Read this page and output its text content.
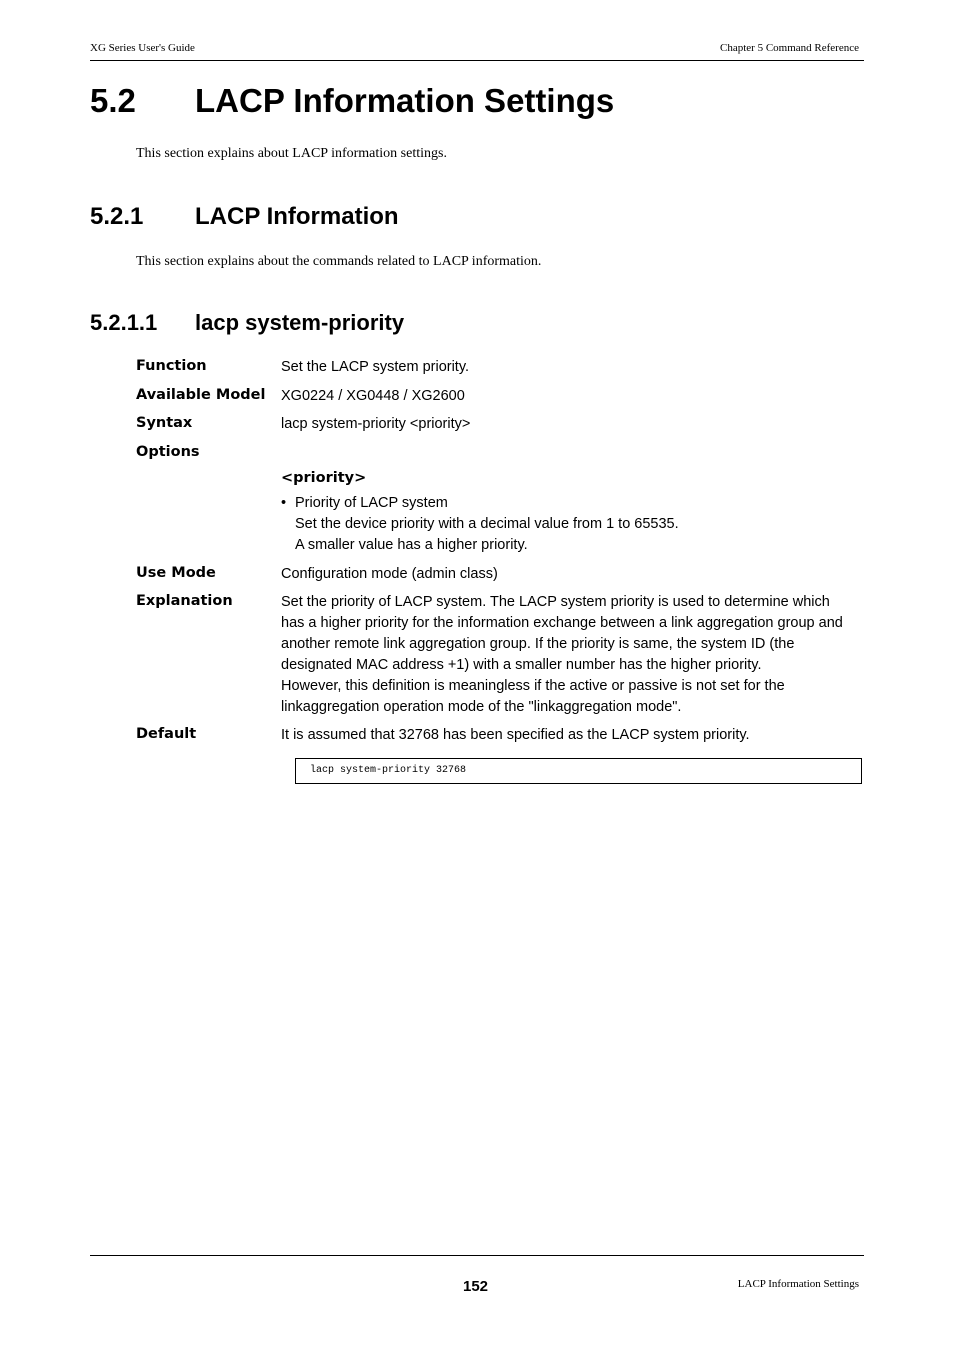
XG Series User's Guide	Chapter 5 Command Reference
5.2 LACP Information Settings
This section explains about LACP information settings.
5.2.1 LACP Information
This section explains about the commands related to LACP information.
5.2.1.1 lacp system-priority
Function	Set the LACP system priority.
Available Model XG0224 / XG0448 / XG2600
Syntax	lacp system-priority <priority>
Options
<priority>
• Priority of LACP system
Set the device priority with a decimal value from 1 to 65535.
A smaller value has a higher priority.
Use Mode	Configuration mode (admin class)
Explanation	Set the priority of LACP system. The LACP system priority is used to determine which
has a higher priority for the information exchange between a link aggregation group and
another remote link aggregation group. If the priority is same, the system ID (the
designated MAC address +1) with a smaller number has the higher priority.
However, this definition is meaningless if the active or passive is not set for the
linkaggregation operation mode of the "linkaggregation mode".
Default	It is assumed that 32768 has been specified as the LACP system priority.
lacp system-priority 32768
152	LACP Information Settings
